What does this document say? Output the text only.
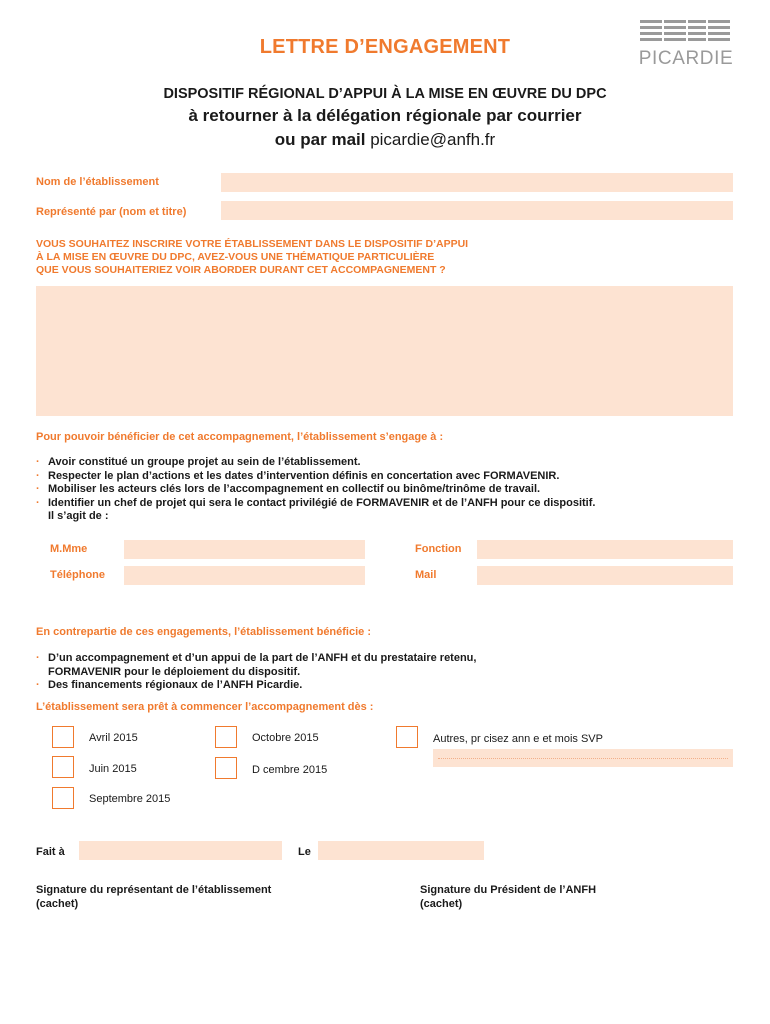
LETTRE D’ENGAGEMENT
PICARDIE
DISPOSITIF RÉGIONAL D’APPUI À LA MISE EN ŒUVRE DU DPC
à retourner à la délégation régionale par courrier
ou par mail picardie@anfh.fr
Nom de l’établissement
Représenté par (nom et titre)
VOUS SOUHAITEZ INSCRIRE VOTRE ÉTABLISSEMENT DANS LE DISPOSITIF D’APPUI
À LA MISE EN ŒUVRE DU DPC, AVEZ-VOUS UNE THÉMATIQUE PARTICULIÈRE
QUE VOUS SOUHAITERIEZ VOIR ABORDER DURANT CET ACCOMPAGNEMENT ?
Pour pouvoir bénéficier de cet accompagnement, l’établissement s’engage à :
· Avoir constitué un groupe projet au sein de l’établissement.
· Respecter le plan d’actions et les dates d’intervention définis en concertation avec FORMAVENIR.
· Mobiliser les acteurs clés lors de l’accompagnement en collectif ou binôme/trinôme de travail.
· Identifier un chef de projet qui sera le contact privilégié de FORMAVENIR et de l’ANFH pour ce dispositif.
Il s’agit de :
M.Mme	Fonction
Téléphone	Mail
En contrepartie de ces engagements, l’établissement bénéficie :
· D’un accompagnement et d’un appui de la part de l’ANFH et du prestataire retenu,
FORMAVENIR pour le déploiement du dispositif.
· Des financements régionaux de l’ANFH Picardie.
L’établissement sera prêt à commencer l’accompagnement dès :
Avril 2015	Octobre 2015	Autres, pr cisez ann e et mois SVP
Juin 2015	D cembre 2015
Septembre 2015
Fait à	Le
Signature du représentant de l’établissement
(cachet)
Signature du Président de l’ANFH
(cachet)
